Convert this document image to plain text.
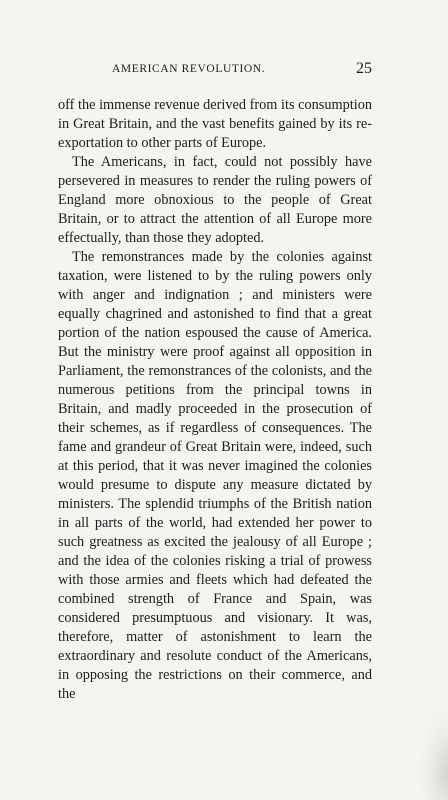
AMERICAN REVOLUTION.	25

off the immense revenue derived from its consumption in Great Britain, and the vast benefits gained by its re-exportation to other parts of Europe.

The Americans, in fact, could not possibly have persevered in measures to render the ruling powers of England more obnoxious to the people of Great Britain, or to attract the attention of all Europe more effectually, than those they adopted.

The remonstrances made by the colonies against taxation, were listened to by the ruling powers only with anger and indignation ; and ministers were equally chagrined and astonished to find that a great portion of the nation espoused the cause of America. But the ministry were proof against all opposition in Parliament, the remonstrances of the colonists, and the numerous petitions from the principal towns in Britain, and madly proceeded in the prosecution of their schemes, as if regardless of consequences. The fame and grandeur of Great Britain were, indeed, such at this period, that it was never imagined the colonies would presume to dispute any measure dictated by ministers. The splendid triumphs of the British nation in all parts of the world, had extended her power to such greatness as excited the jealousy of all Europe ; and the idea of the colonies risking a trial of prowess with those armies and fleets which had defeated the combined strength of France and Spain, was considered presumptuous and visionary. It was, therefore, matter of astonishment to learn the extraordinary and resolute conduct of the Americans, in opposing the restrictions on their commerce, and the
